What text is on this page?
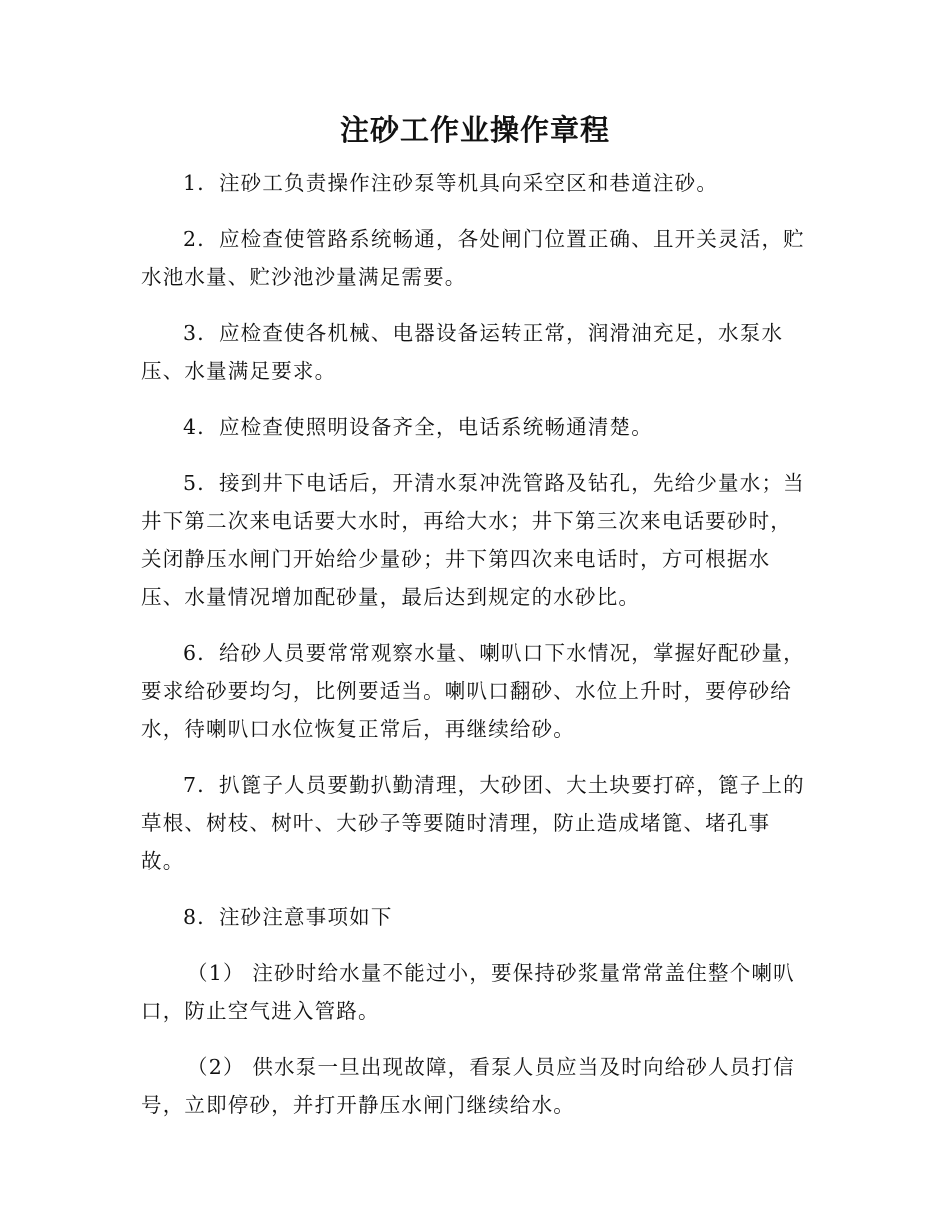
注砂工作业操作章程

1．注砂工负责操作注砂泵等机具向采空区和巷道注砂。

2．应检查使管路系统畅通，各处闸门位置正确、且开关灵活，贮水池水量、贮沙池沙量满足需要。

3．应检查使各机械、电器设备运转正常，润滑油充足，水泵水压、水量满足要求。

4．应检查使照明设备齐全，电话系统畅通清楚。

5．接到井下电话后，开清水泵冲洗管路及钻孔，先给少量水；当井下第二次来电话要大水时，再给大水；井下第三次来电话要砂时，关闭静压水闸门开始给少量砂；井下第四次来电话时，方可根据水压、水量情况增加配砂量，最后达到规定的水砂比。

6．给砂人员要常常观察水量、喇叭口下水情况，掌握好配砂量，要求给砂要均匀，比例要适当。喇叭口翻砂、水位上升时，要停砂给水，待喇叭口水位恢复正常后，再继续给砂。

7．扒篦子人员要勤扒勤清理，大砂团、大土块要打碎，篦子上的草根、树枝、树叶、大砂子等要随时清理，防止造成堵篦、堵孔事故。

8．注砂注意事项如下

（1） 注砂时给水量不能过小，要保持砂浆量常常盖住整个喇叭口，防止空气进入管路。

（2） 供水泵一旦出现故障，看泵人员应当及时向给砂人员打信号，立即停砂，并打开静压水闸门继续给水。
